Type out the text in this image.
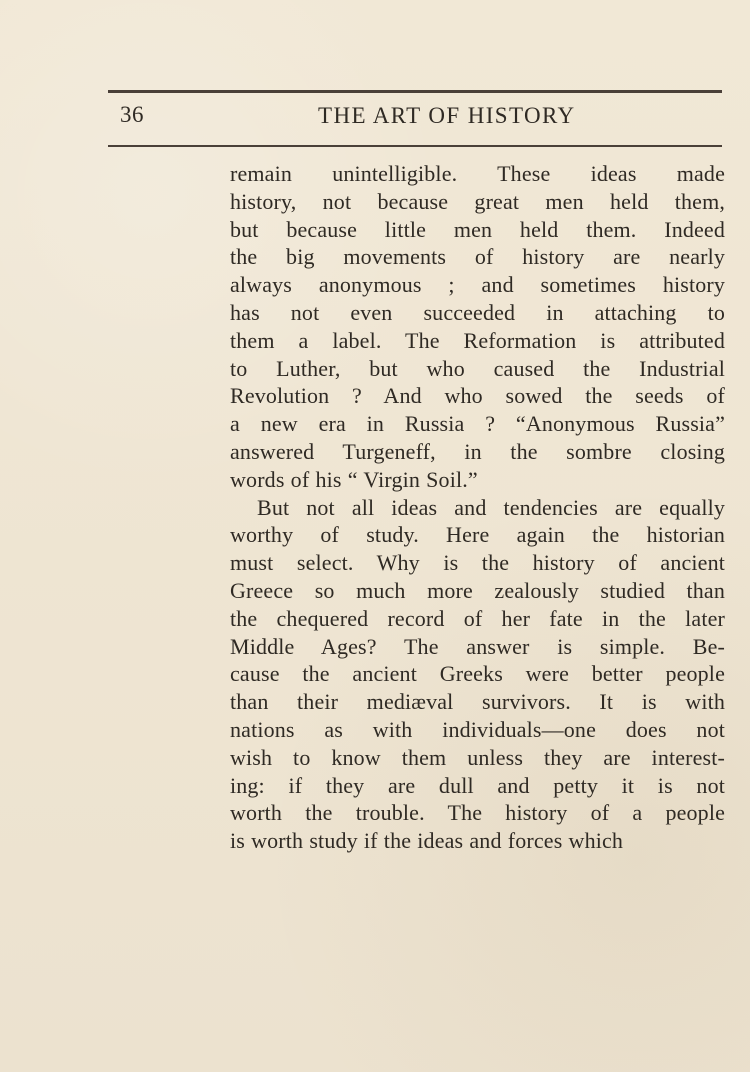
36	THE ART OF HISTORY
remain unintelligible. These ideas made
history, not because great men held them,
but because little men held them. Indeed
the big movements of history are nearly
always anonymous ; and sometimes history
has not even succeeded in attaching to
them a label. The Reformation is attributed
to Luther, but who caused the Industrial
Revolution ? And who sowed the seeds of
a new era in Russia ? “Anonymous Russia”
answered Turgeneff, in the sombre closing
words of his “ Virgin Soil.”
But not all ideas and tendencies are equally
worthy of study. Here again the historian
must select. Why is the history of ancient
Greece so much more zealously studied than
the chequered record of her fate in the later
Middle Ages? The answer is simple. Be-
cause the ancient Greeks were better people
than their mediæval survivors. It is with
nations as with individuals—one does not
wish to know them unless they are interest-
ing: if they are dull and petty it is not
worth the trouble. The history of a people
is worth study if the ideas and forces which
